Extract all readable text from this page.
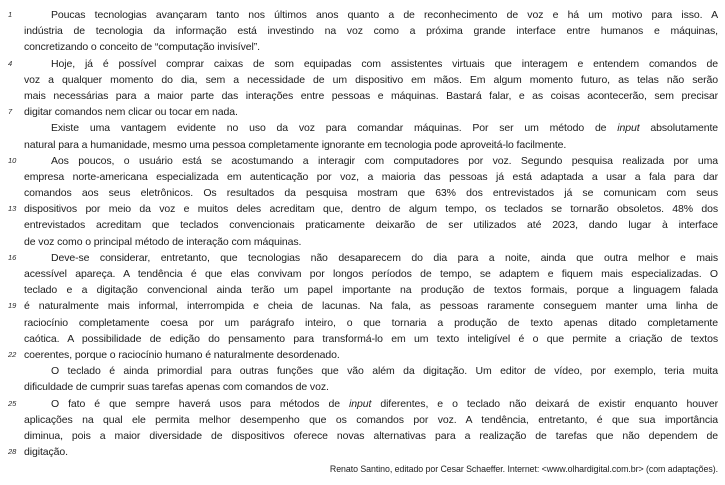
1	Poucas tecnologias avançaram tanto nos últimos anos quanto a de reconhecimento de voz e há um motivo para isso. A
indústria de tecnologia da informação está investindo na voz como a próxima grande interface entre humanos e máquinas,
concretizando o conceito de “computação invisível”.
4	Hoje, já é possível comprar caixas de som equipadas com assistentes virtuais que interagem e entendem comandos de
voz a qualquer momento do dia, sem a necessidade de um dispositivo em mãos. Em algum momento futuro, as telas não serão
mais necessárias para a maior parte das interações entre pessoas e máquinas. Bastará falar, e as coisas acontecerão, sem precisar
7	digitar comandos nem clicar ou tocar em nada.
Existe uma vantagem evidente no uso da voz para comandar máquinas. Por ser um método de input absolutamente
natural para a humanidade, mesmo uma pessoa completamente ignorante em tecnologia pode aproveitá-lo facilmente.
10	Aos poucos, o usuário está se acostumando a interagir com computadores por voz. Segundo pesquisa realizada por uma
empresa norte-americana especializada em autenticação por voz, a maioria das pessoas já está adaptada a usar a fala para dar
comandos aos seus eletrônicos. Os resultados da pesquisa mostram que 63% dos entrevistados já se comunicam com seus
13 dispositivos por meio da voz e muitos deles acreditam que, dentro de algum tempo, os teclados se tornarão obsoletos. 48% dos
entrevistados acreditam que teclados convencionais praticamente deixarão de ser utilizados até 2023, dando lugar à interface
de voz como o principal método de interação com máquinas.
16	Deve-se considerar, entretanto, que tecnologias não desaparecem do dia para a noite, ainda que outra melhor e mais
acessível apareça. A tendência é que elas convivam por longos períodos de tempo, se adaptem e fiquem mais especializadas. O
teclado e a digitação convencional ainda terão um papel importante na produção de textos formais, porque a linguagem falada
19 é naturalmente mais informal, interrompida e cheia de lacunas. Na fala, as pessoas raramente conseguem manter uma linha de
raciocínio completamente coesa por um parágrafo inteiro, o que tornaria a produção de texto apenas ditado completamente
caótica. A possibilidade de edição do pensamento para transformá-lo em um texto inteligível é o que permite a criação de textos
22 coerentes, porque o raciocínio humano é naturalmente desordenado.
O teclado é ainda primordial para outras funções que vão além da digitação. Um editor de vídeo, por exemplo, teria muita
dificuldade de cumprir suas tarefas apenas com comandos de voz.
25	O fato é que sempre haverá usos para métodos de input diferentes, e o teclado não deixará de existir enquanto houver
aplicações na qual ele permita melhor desempenho que os comandos por voz. A tendência, entretanto, é que sua importância
diminua, pois a maior diversidade de dispositivos oferece novas alternativas para a realização de tarefas que não dependem de
28 digitação.
Renato Santino, editado por Cesar Schaeffer. Internet: <www.olhardigital.com.br> (com adaptações).
